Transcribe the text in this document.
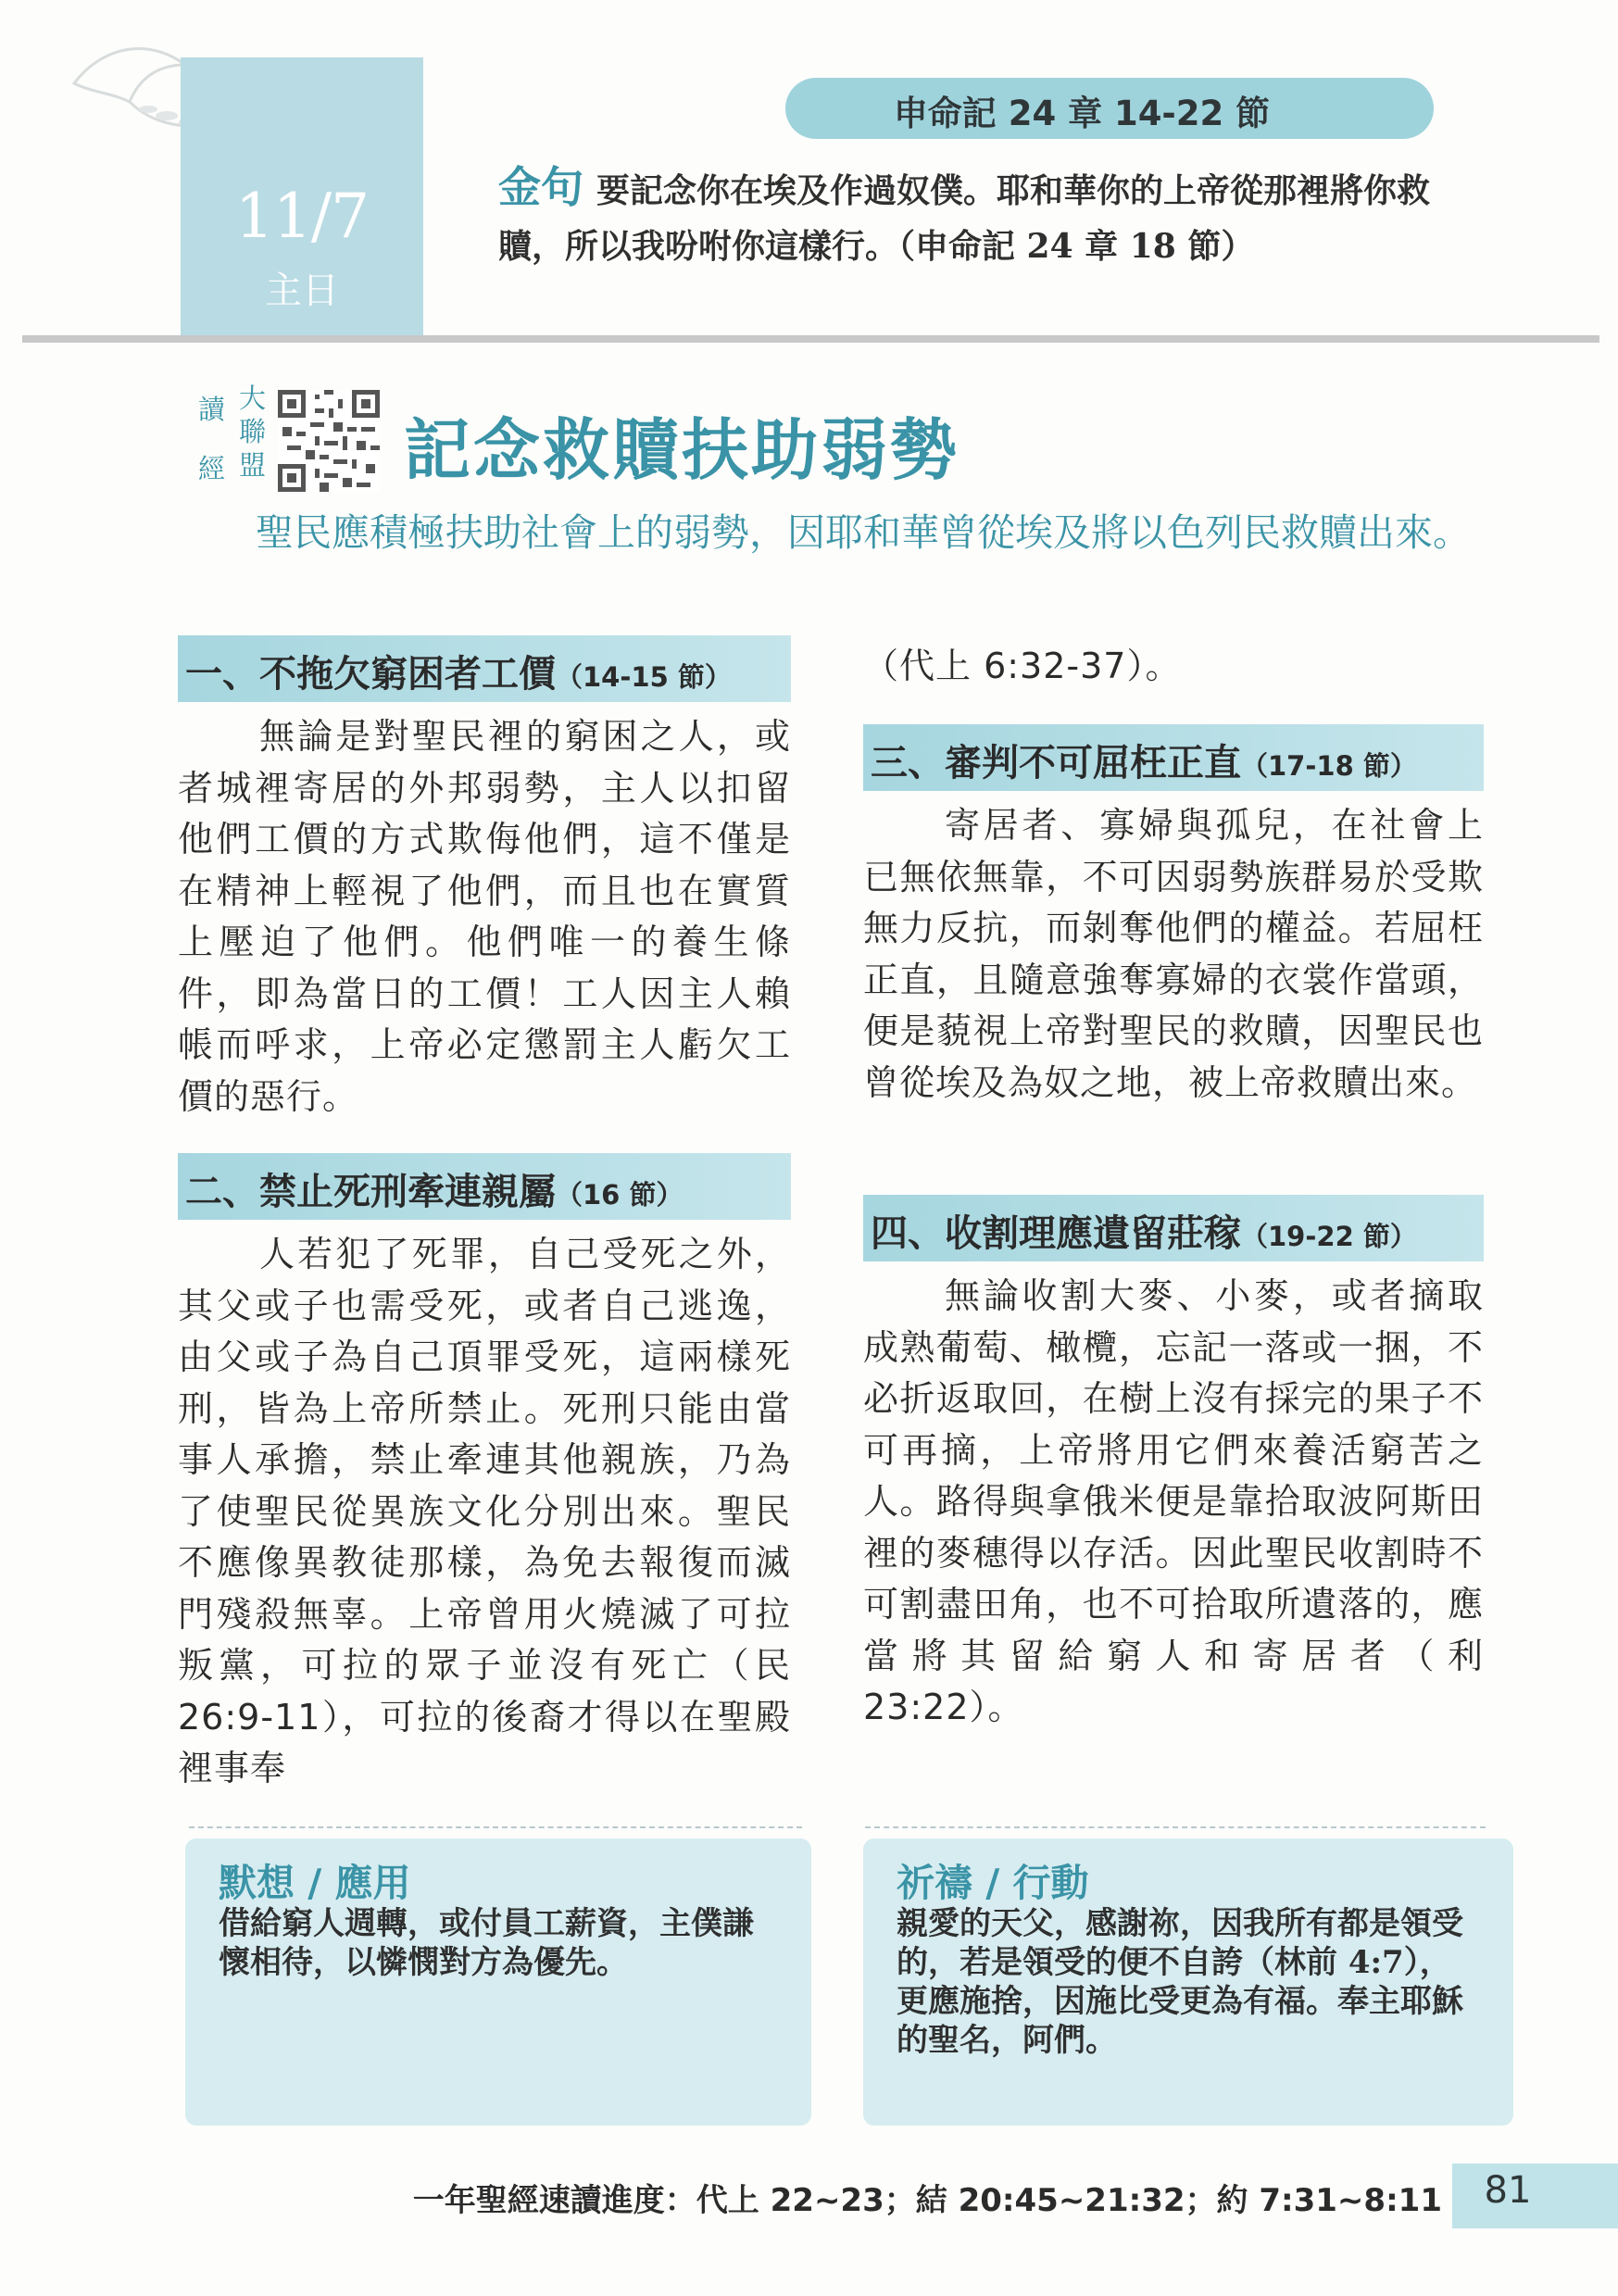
11/7
主日
申命記 24 章 14-22 節
金句 要記念你在埃及作過奴僕。耶和華你的上帝從那裡將你救贖，所以我吩咐你這樣行。（申命記 24 章 18 節）
讀
經
大
聯
盟 記念救贖扶助弱勢
聖民應積極扶助社會上的弱勢，因耶和華曾從埃及將以色列民救贖出來。
一、不拖欠窮困者工價（14-15 節）
無論是對聖民裡的窮困之人，或者城裡寄居的外邦弱勢，主人以扣留他們工價的方式欺侮他們，這不僅是在精神上輕視了他們，而且也在實質上壓迫了他們。他們唯一的養生條件，即為當日的工價！工人因主人賴帳而呼求，上帝必定懲罰主人虧欠工價的惡行。
二、禁止死刑牽連親屬（16 節）
人若犯了死罪，自己受死之外，其父或子也需受死，或者自己逃逸，由父或子為自己頂罪受死，這兩樣死刑，皆為上帝所禁止。死刑只能由當事人承擔，禁止牽連其他親族，乃為了使聖民從異族文化分別出來。聖民不應像異教徒那樣，為免去報復而滅門殘殺無辜。上帝曾用火燒滅了可拉叛黨，可拉的眾子並沒有死亡（民 26:9-11），可拉的後裔才得以在聖殿裡事奉
（代上 6:32-37）。
三、審判不可屈枉正直（17-18 節）
寄居者、寡婦與孤兒，在社會上已無依無靠，不可因弱勢族群易於受欺無力反抗，而剝奪他們的權益。若屈枉正直，且隨意強奪寡婦的衣裳作當頭，便是藐視上帝對聖民的救贖，因聖民也曾從埃及為奴之地，被上帝救贖出來。
四、收割理應遺留莊稼（19-22 節）
無論收割大麥、小麥，或者摘取成熟葡萄、橄欖，忘記一落或一捆，不必折返取回，在樹上沒有採完的果子不可再摘，上帝將用它們來養活窮苦之人。路得與拿俄米便是靠拾取波阿斯田裡的麥穗得以存活。因此聖民收割時不可割盡田角，也不可拾取所遺落的，應當將其留給窮人和寄居者（利 23:22）。
默想 / 應用
借給窮人週轉，或付員工薪資，主僕謙懷相待，以憐憫對方為優先。
祈禱 / 行動
親愛的天父，感謝祢，因我所有都是領受的，若是領受的便不自誇（林前 4:7），更應施捨，因施比受更為有福。奉主耶穌的聖名，阿們。
一年聖經速讀進度：代上 22~23；結 20:45~21:32；約 7:31~8:11	81
